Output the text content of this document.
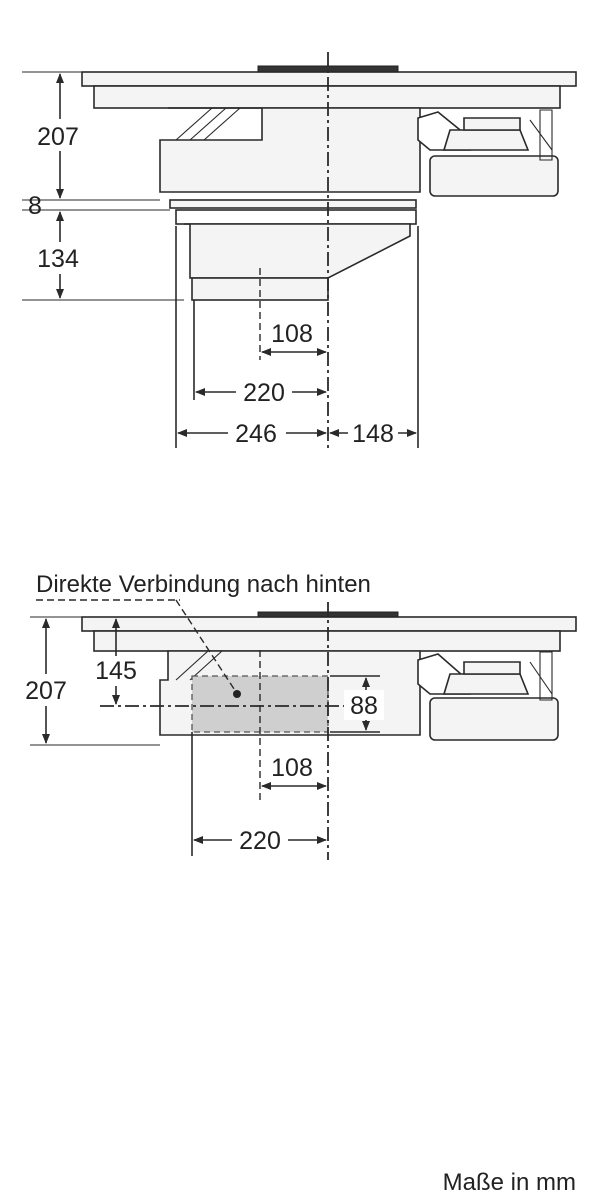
207
8
134
108
220
246	148
Direkte Verbindung nach hinten
207
145
88
108
220
Maße in mm
